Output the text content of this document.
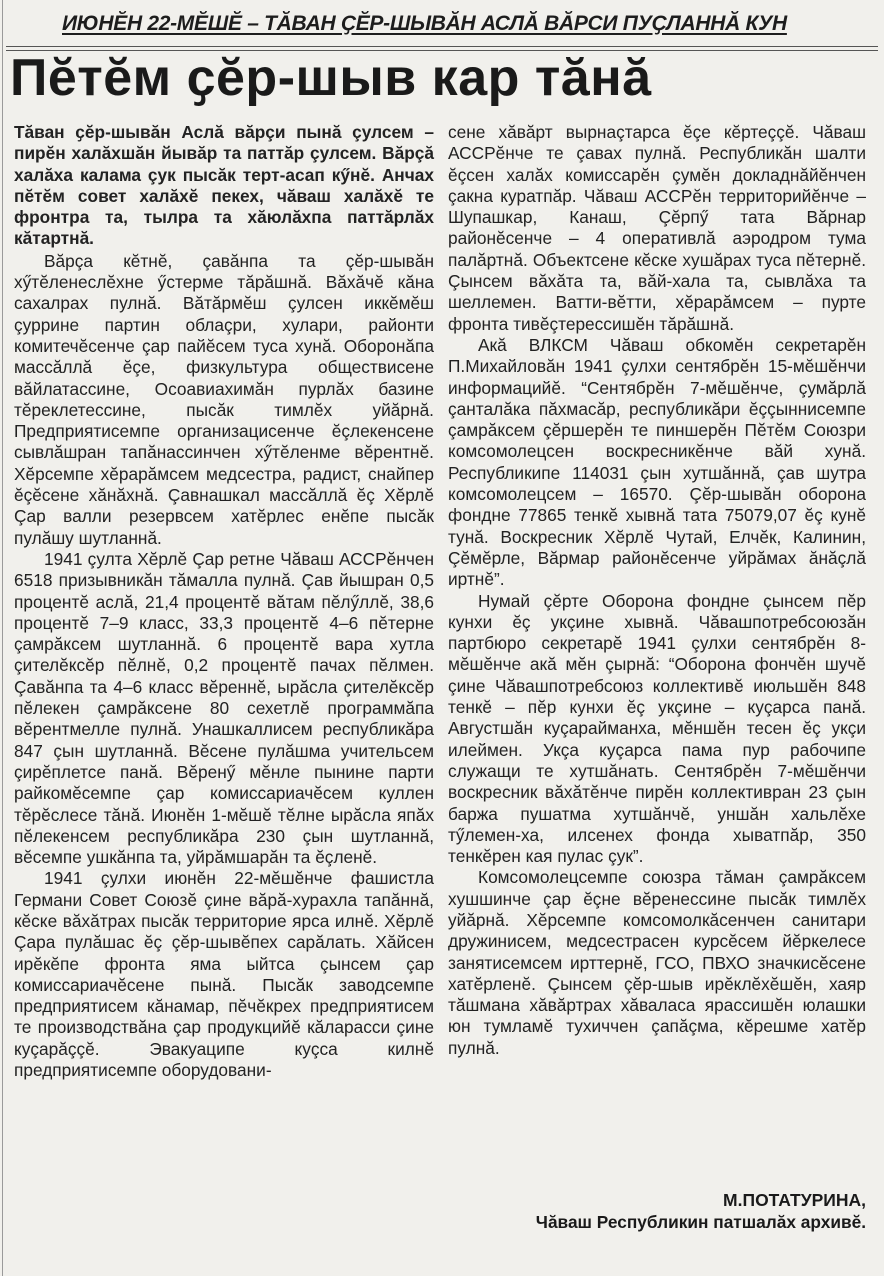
ИЮНӖН 22-МӖШӖ – ТӐВАН ҪӖР-ШЫВӐН АСЛӐ ВӐРСИ ПУҪЛАННӐ КУН
Пӗтӗм ҫӗр-шыв кар тӑнӑ

Тӑван ҫӗр-шывӑн Аслӑ вӑрçи пынӑ çулсем – пирӗн халӑхшӑн йывӑр та паттӑр çулсем. Вӑрçӑ халӑха калама çук пысӑк терт-асап кӳнӗ. Анчах пӗтӗм совет халӑхӗ пекех, чӑваш халӑхӗ те фронтра та, тылра та хӑюлӑхпа паттӑрлӑх кӑтартнӑ.

Вӑрçа кӗтнӗ, çавӑнпа та çӗр-шывӑн хӳтӗленеслӗхне ӳстерме тӑрӑшнӑ. Вӑхӑчӗ кӑна сахалрах пулнӑ. Вӑтӑрмӗш çулсен иккӗмӗш çуррине партин облаçри, хулари, районти комитечӗсенче çар пайӗсем туса хунӑ. Оборонӑпа массӑллӑ ӗçе, физкультура обществисене вӑйлатассине, Осоавиахимӑн пурлӑх базине тӗреклетессине, пысӑк тимлӗх уйӑрнӑ. Предприятисемпе организацисенче ӗçлекенсене сывлӑшран тапӑнассинчен хӳтӗленме вӗрентнӗ. Хӗрсемпе хӗрарӑмсем медсестра, радист, снайпер ӗçӗсене хӑнӑхнӑ. Çавнашкал массӑллӑ ӗç Хӗрлӗ Çар валли резервсем хатӗрлес енӗпе пысӑк пулӑшу шутланнӑ.

1941 çулта Хӗрлӗ Çар ретне Чӑваш АССРӗнчен 6518 призывникӑн тӑмалла пулнӑ. Çав йышран 0,5 процентӗ аслӑ, 21,4 процентӗ вӑтам пӗлӳллӗ, 38,6 процентӗ 7–9 класс, 33,3 процентӗ 4–6 пӗтерне çамрӑксем шутланнӑ. 6 процентӗ вара хутла çителӗксӗр пӗлнӗ, 0,2 процентӗ пачах пӗлмен. Çавӑнпа та 4–6 класс вӗреннӗ, ырӑсла çителӗксӗр пӗлекен çамрӑксене 80 сехетлӗ программӑпа вӗрентмелле пулнӑ. Унашкаллисем республикӑра 847 çын шутланнӑ. Вӗсене пулӑшма учительсем çирӗплетсе панӑ. Вӗренӳ мӗнле пынине парти райкомӗсемпе çар комиссариачӗсем куллен тӗрӗслесе тӑнӑ. Июнӗн 1-мӗшӗ тӗлне ырӑсла япӑх пӗлекенсем республикӑра 230 çын шутланнӑ, вӗсемпе ушкӑнпа та, уйрӑмшарӑн та ӗçленӗ.

1941 çулхи июнӗн 22-мӗшӗнче фашистла Германи Совет Союзӗ çине вӑрӑ-хурахла тапӑннӑ, кӗске вӑхӑтрах пысӑк территорие ярса илнӗ. Хӗрлӗ Çара пулӑшас ӗç çӗр-шывӗпех сарӑлать. Хӑйсен ирӗкӗпе фронта яма ыйтса çынсем çар комиссариачӗсене пынӑ. Пысӑк заводсемпе предприятисем кӑнамар, пӗчӗкрех предприятисем те производствӑна çар продукцийӗ кӑларасси çине куçарӑççӗ. Эвакуаципе куçса килнӗ предприятисемпе оборудовани-

сене хӑвӑрт вырнаçтарса ӗçе кӗртеççӗ. Чӑваш АССРӗнче те çавах пулнӑ. Республикӑн шалти ӗçсен халӑх комиссарӗн çумӗн докладнӑйӗнчен çакна куратпӑр. Чӑваш АССРӗн территорийӗнче – Шупашкар, Канаш, Çӗрпӳ тата Вӑрнар районӗсенче – 4 оперативлӑ аэродром тума палӑртнӑ. Объектсене кӗске хушӑрах туса пӗтернӗ. Çынсем вӑхӑта та, вӑй-хала та, сывлӑха та шеллемен. Ватти-вӗтти, хӗрарӑмсем – пурте фронта тивӗçтерессишӗн тӑрӑшнӑ.

Акӑ ВЛКСМ Чӑваш обкомӗн секретарӗн П.Михайловӑн 1941 çулхи сентябрӗн 15-мӗшӗнчи информацийӗ. “Сентябрӗн 7-мӗшӗнче, çумӑрлӑ çанталӑка пӑхмасӑр, республикӑри ӗççыннисемпе çамрӑксем çӗршерӗн те пиншерӗн Пӗтӗм Союзри комсомолецсен воскресникӗнче вӑй хунӑ. Республикипе 114031 çын хутшӑннӑ, çав шутра комсомолецсем – 16570. Çӗр-шывӑн оборона фондне 77865 тенкӗ хывнӑ тата 75079,07 ӗç кунӗ тунӑ. Воскресник Хӗрлӗ Чутай, Елчӗк, Калинин, Çӗмӗрле, Вӑрмар районӗсенче уйрӑмах ӑнӑçлӑ иртнӗ”.

Нумай çӗрте Оборона фондне çынсем пӗр кунхи ӗç укçине хывнӑ. Чӑвашпотребсоюзӑн партбюро секретарӗ 1941 çулхи сентябрӗн 8-мӗшӗнче акӑ мӗн çырнӑ: “Оборона фончӗн шучӗ çине Чӑвашпотребсоюз коллективӗ июльшӗн 848 тенкӗ – пӗр кунхи ӗç укçине – куçарса панӑ. Августшӑн куçарайманха, мӗншӗн тесен ӗç укçи илеймен. Укçа куçарса пама пур рабочипе служащи те хутшӑнать. Сентябрӗн 7-мӗшӗнчи воскресник вӑхӑтӗнче пирӗн коллективран 23 çын баржа пушатма хутшӑнчӗ, уншӑн хальлӗхе тӳлемен-ха, илсенех фонда хыватпӑр, 350 тенкӗрен кая пулас çук”.

Комсомолецсемпе союзра тӑман çамрӑксем хушшинче çар ӗçне вӗренессине пысӑк тимлӗх уйӑрнӑ. Хӗрсемпе комсомолкӑсенчен санитари дружинисем, медсестрасен курсӗсем йӗркелесе занятисемсем ирттернӗ, ГСО, ПВХО значкисӗсене хатӗрленӗ. Çынсем çӗр-шыв ирӗклӗхӗшӗн, хаяр тӑшмана хӑвӑртрах хӑваласа ярассишӗн юлашки юн тумламӗ тухиччен çапӑçма, кӗрешме хатӗр пулнӑ.

М.ПОТАТУРИНА,
Чӑваш Республикин патшалӑх архивӗ.
